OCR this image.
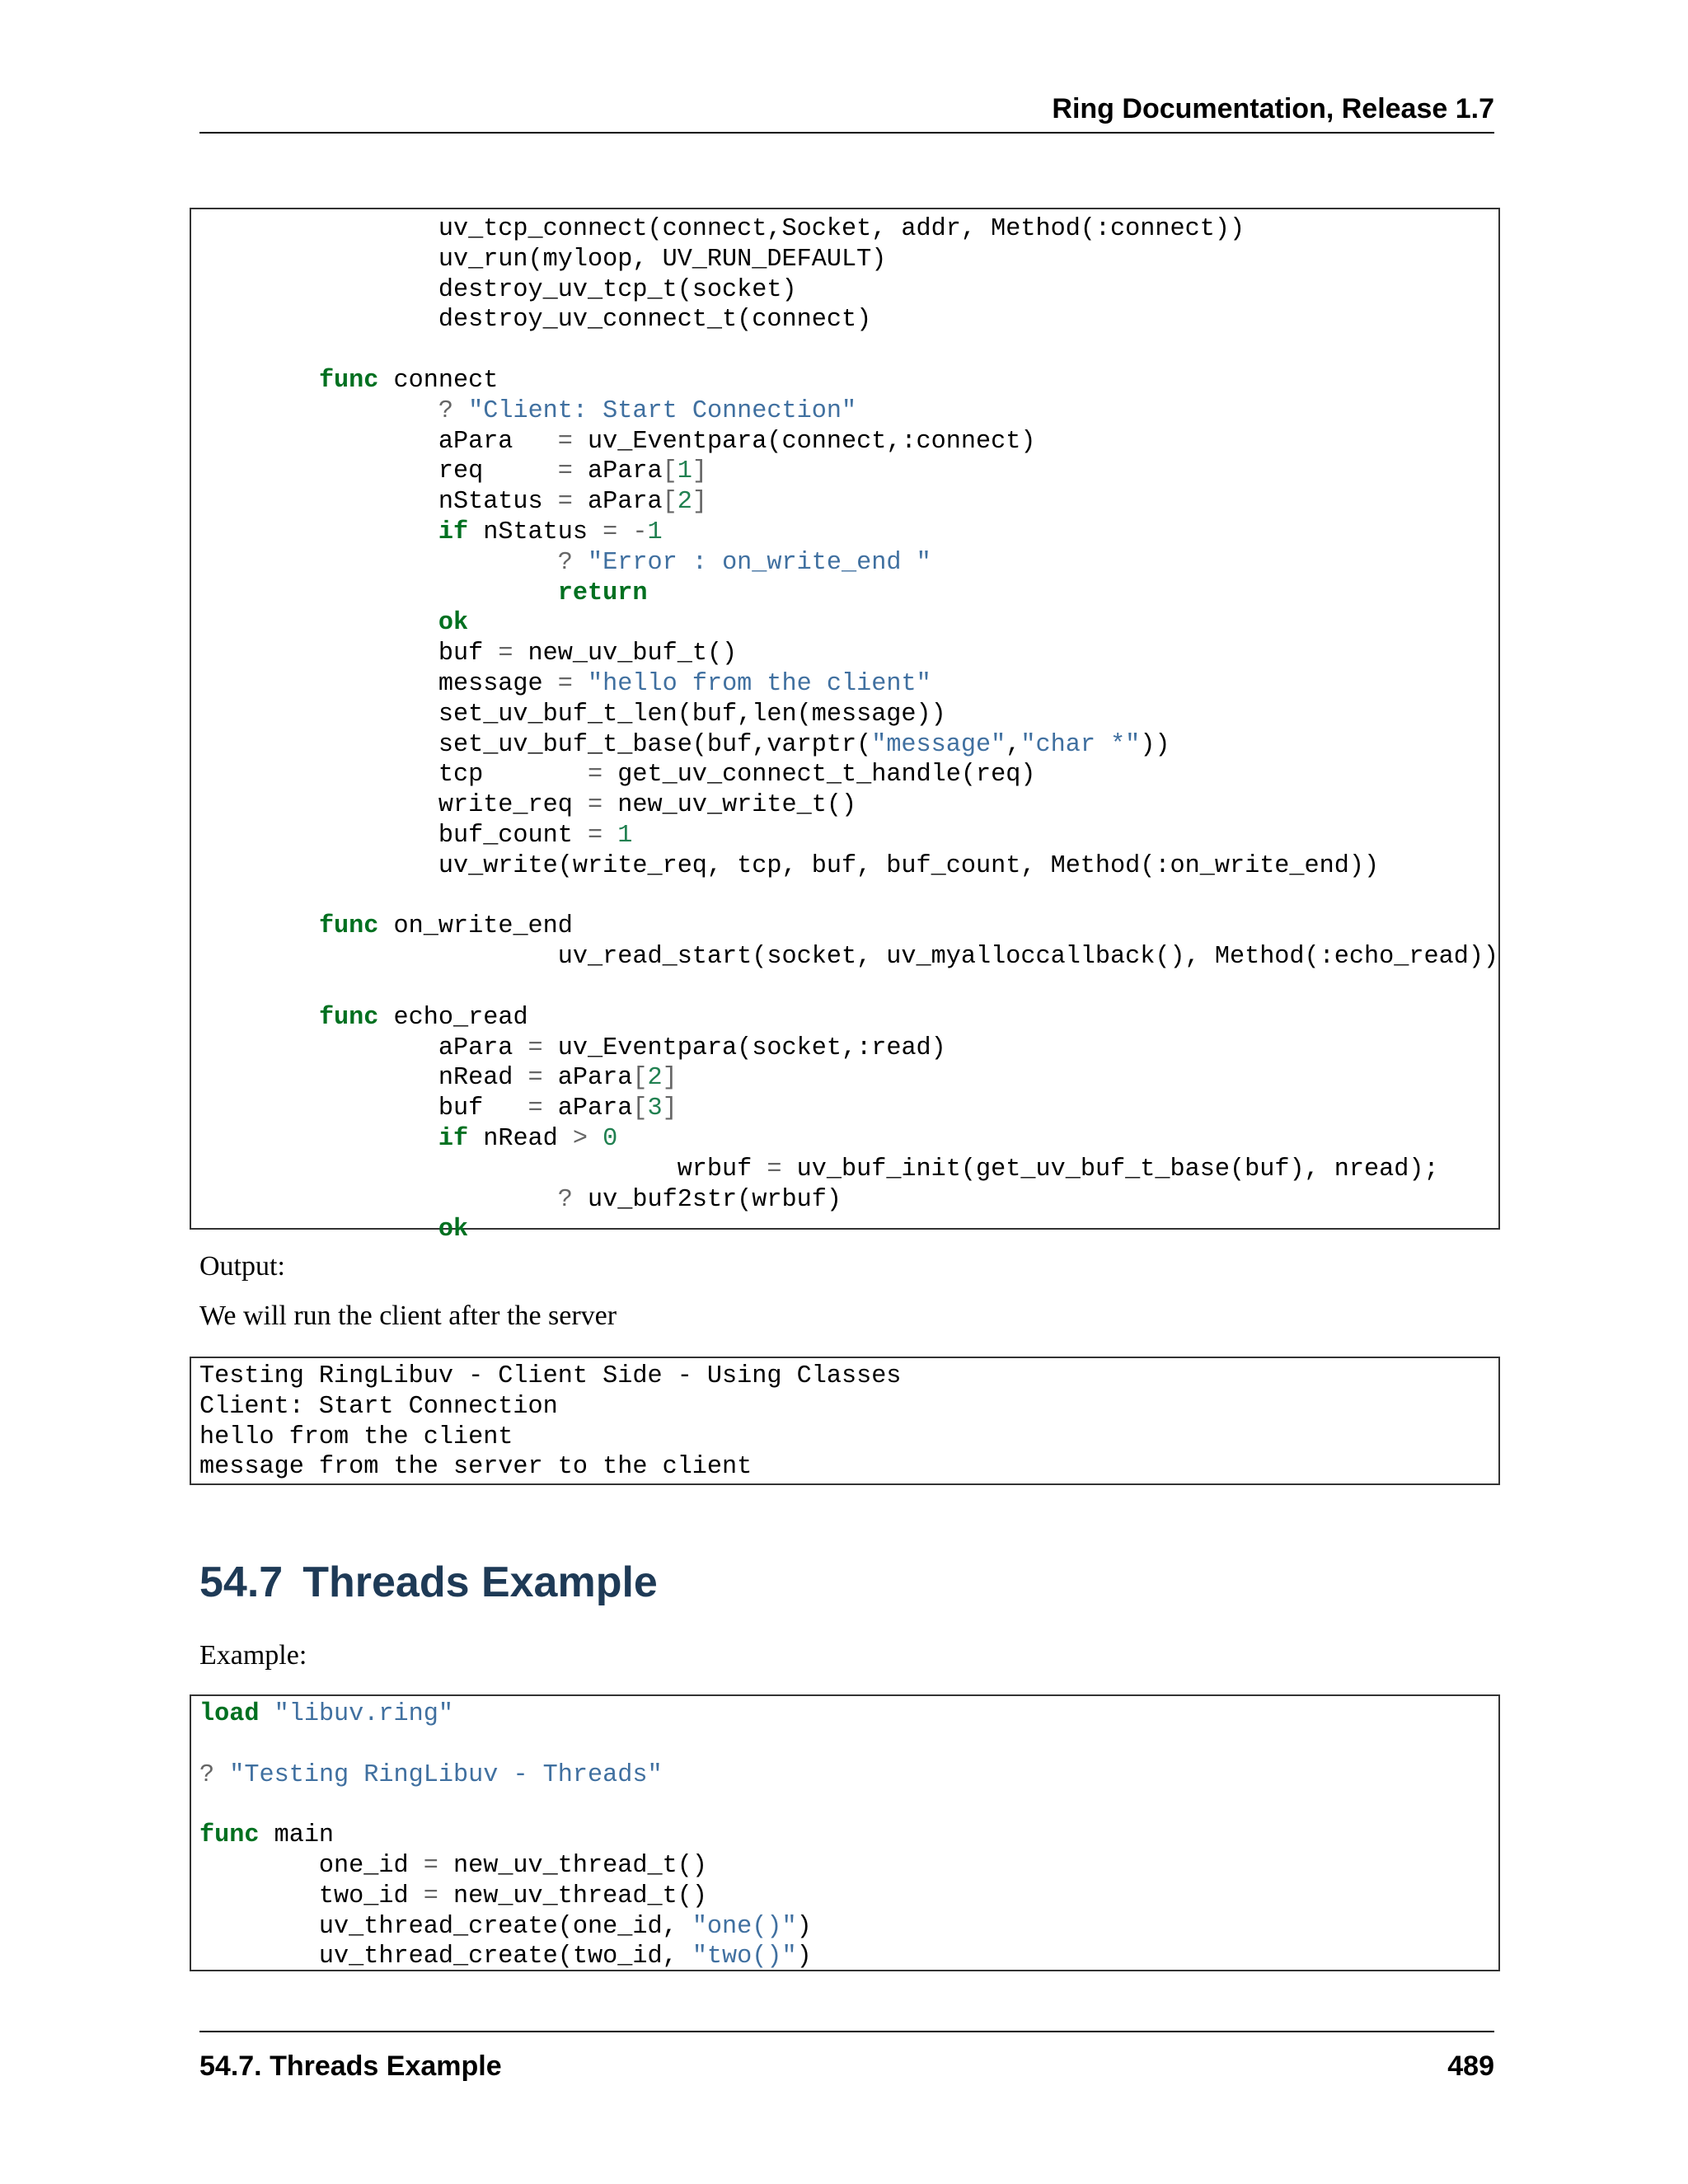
Ring Documentation, Release 1.7
uv_tcp_connect(connect,Socket, addr, Method(:connect))
uv_run(myloop, UV_RUN_DEFAULT)
destroy_uv_tcp_t(socket)
destroy_uv_connect_t(connect)
func connect
? "Client: Start Connection"
aPara   = uv_Eventpara(connect,:connect)
req     = aPara[1]
nStatus = aPara[2]
if nStatus = -1
? "Error : on_write_end "
return
ok
buf = new_uv_buf_t()
message = "hello from the client"
set_uv_buf_t_len(buf,len(message))
set_uv_buf_t_base(buf,varptr("message","char *"))
tcp       = get_uv_connect_t_handle(req)
write_req = new_uv_write_t()
buf_count = 1
uv_write(write_req, tcp, buf, buf_count, Method(:on_write_end))
func on_write_end
uv_read_start(socket, uv_myalloccallback(), Method(:echo_read))
func echo_read
aPara = uv_Eventpara(socket,:read)
nRead = aPara[2]
buf   = aPara[3]
if nRead > 0
wrbuf = uv_buf_init(get_uv_buf_t_base(buf), nread);
? uv_buf2str(wrbuf)
ok
Output:
We will run the client after the server
Testing RingLibuv - Client Side - Using Classes
Client: Start Connection
hello from the client
message from the server to the client
54.7 Threads Example
Example:
load "libuv.ring"
? "Testing RingLibuv - Threads"
func main
one_id = new_uv_thread_t()
two_id = new_uv_thread_t()
uv_thread_create(one_id, "one()")
uv_thread_create(two_id, "two()")
54.7. Threads Example	489
